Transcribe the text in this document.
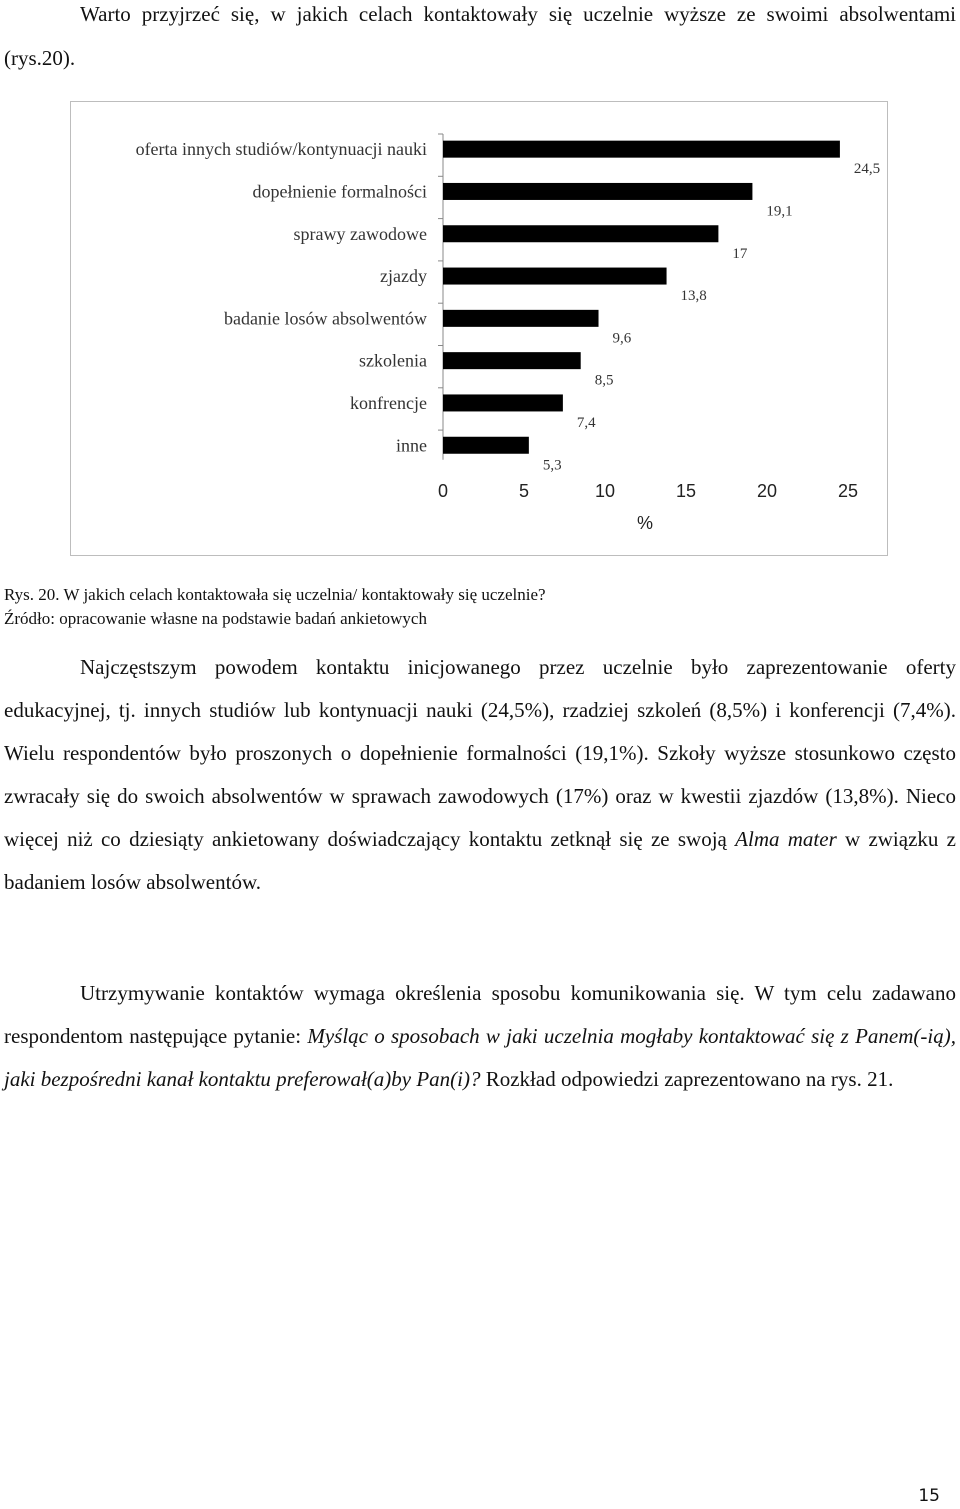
Warto przyjrzeć się, w jakich celach kontaktowały się uczelnie wyższe ze swoimi absolwentami (rys.20).

oferta innych studiów/kontynuacji nauki
24,5
dopełnienie formalności
19,1
sprawy zawodowe
17
zjazdy
13,8
badanie losów absolwentów
9,6
szkolenia
8,5
konfrencje
7,4
inne
5,3
0	5	10	15	20	25
%

Rys. 20. W jakich celach kontaktowała się uczelnia/ kontaktowały się uczelnie?

Źródło: opracowanie własne na podstawie badań ankietowych

Najczęstszym powodem kontaktu inicjowanego przez uczelnie było zaprezentowanie oferty edukacyjnej, tj. innych studiów lub kontynuacji nauki (24,5%), rzadziej szkoleń (8,5%) i konferencji (7,4%). Wielu respondentów było proszonych o dopełnienie formalności (19,1%). Szkoły wyższe stosunkowo często zwracały się do swoich absolwentów w sprawach zawodowych (17%) oraz w kwestii zjazdów (13,8%). Nieco więcej niż co dziesiąty ankietowany doświadczający kontaktu zetknął się ze swoją Alma mater w związku z badaniem losów absolwentów.

Utrzymywanie kontaktów wymaga określenia sposobu komunikowania się. W tym celu zadawano respondentom następujące pytanie: Myśląc o sposobach w jaki uczelnia mogłaby kontaktować się z Panem(-ią), jaki bezpośredni kanał kontaktu preferował(a)by Pan(i)? Rozkład odpowiedzi zaprezentowano na rys. 21.

15
